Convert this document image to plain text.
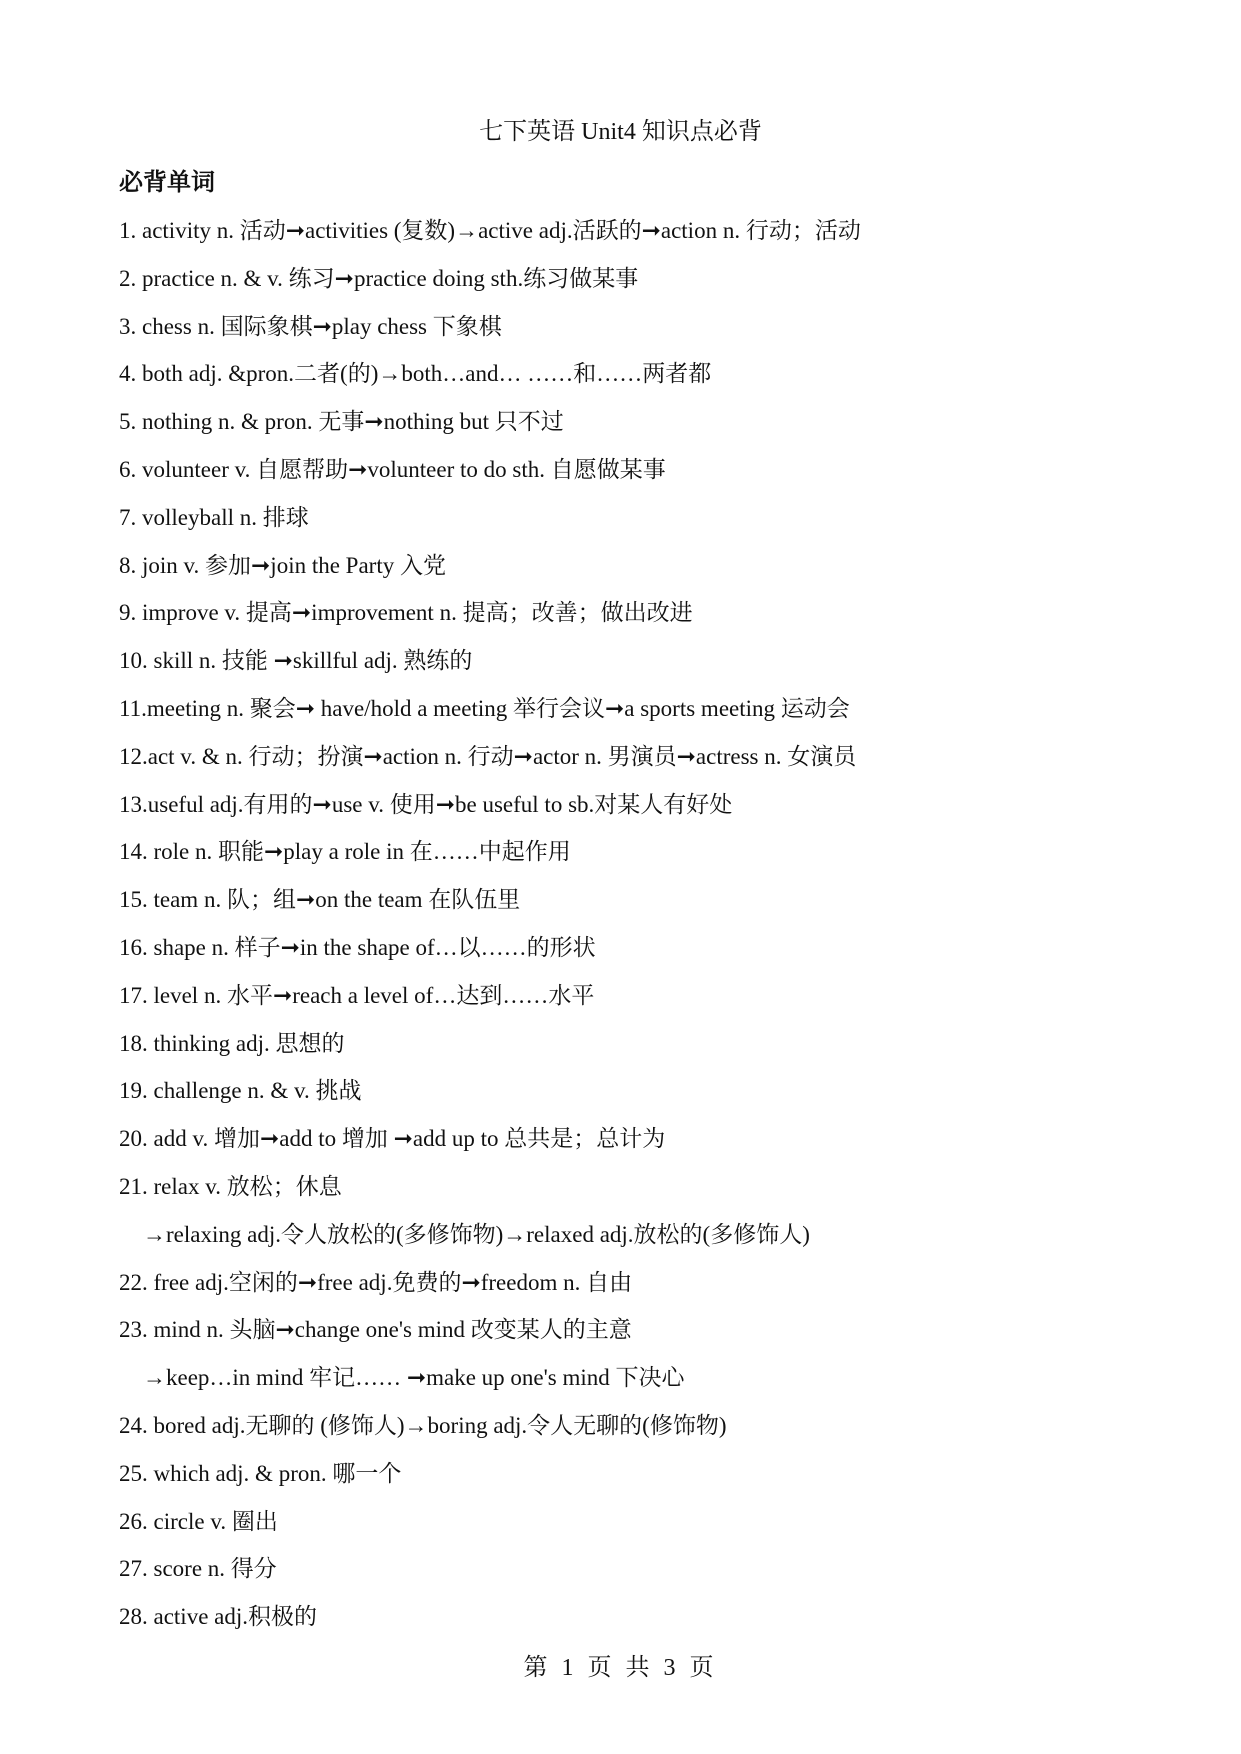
七下英语 Unit4 知识点必背
必背单词
1. activity n. 活动➞activities (复数)→active adj.活跃的➞action n. 行动；活动
2. practice n. & v. 练习➞practice doing sth.练习做某事
3. chess n. 国际象棋➞play chess 下象棋
4. both adj. &pron.二者(的)→both…and… ……和……两者都
5. nothing n. & pron. 无事➞nothing but 只不过
6. volunteer v. 自愿帮助➞volunteer to do sth. 自愿做某事
7. volleyball n. 排球
8. join v. 参加➞join the Party 入党
9. improve v. 提高➞improvement n. 提高；改善；做出改进
10. skill n. 技能 ➞skillful adj. 熟练的
11.meeting n. 聚会➞ have/hold a meeting 举行会议➞a sports meeting 运动会
12.act v. & n. 行动；扮演➞action n. 行动➞actor n. 男演员➞actress n. 女演员
13.useful adj.有用的➞use v. 使用➞be useful to sb.对某人有好处
14. role n. 职能➞play a role in 在……中起作用
15. team n. 队；组➞on the team 在队伍里
16. shape n. 样子➞in the shape of…以……的形状
17. level n. 水平➞reach a level of…达到……水平
18. thinking adj. 思想的
19. challenge n. & v. 挑战
20. add v. 增加➞add to 增加 ➞add up to 总共是；总计为
21. relax v. 放松；休息
→relaxing adj.令人放松的(多修饰物)→relaxed adj.放松的(多修饰人)
22. free adj.空闲的➞free adj.免费的➞freedom n. 自由
23. mind n. 头脑➞change one's mind 改变某人的主意
→keep…in mind 牢记…… ➞make up one's mind 下决心
24. bored adj.无聊的 (修饰人)→boring adj.令人无聊的(修饰物)
25. which adj. & pron. 哪一个
26. circle v. 圈出
27. score n. 得分
28. active adj.积极的
第 1 页 共 3 页
